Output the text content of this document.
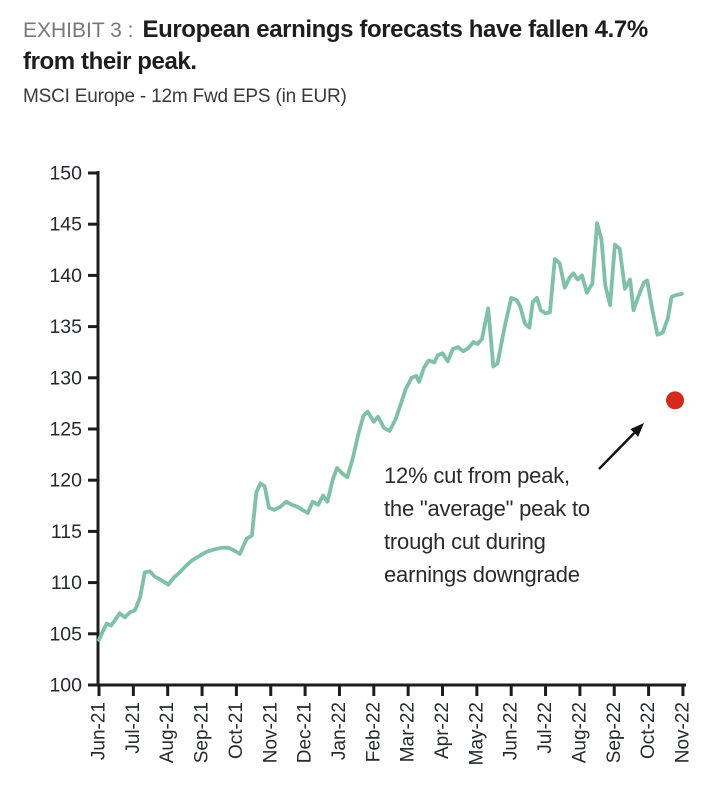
EXHIBIT 3 : European earnings forecasts have fallen 4.7%
from their peak.
MSCI Europe - 12m Fwd EPS (in EUR)
100
105
110
115
120
125
130
135
140
145
150
Jun-21 Jul-21 Aug-21 Sep-21 Oct-21 Nov-21 Dec-21 Jan-22 Feb-22 Mar-22 Apr-22 May-22 Jun-22 Jul-22 Aug-22 Sep-22 Oct-22 Nov-22
12% cut from peak,
the "average" peak to
trough cut during
earnings downgrade
